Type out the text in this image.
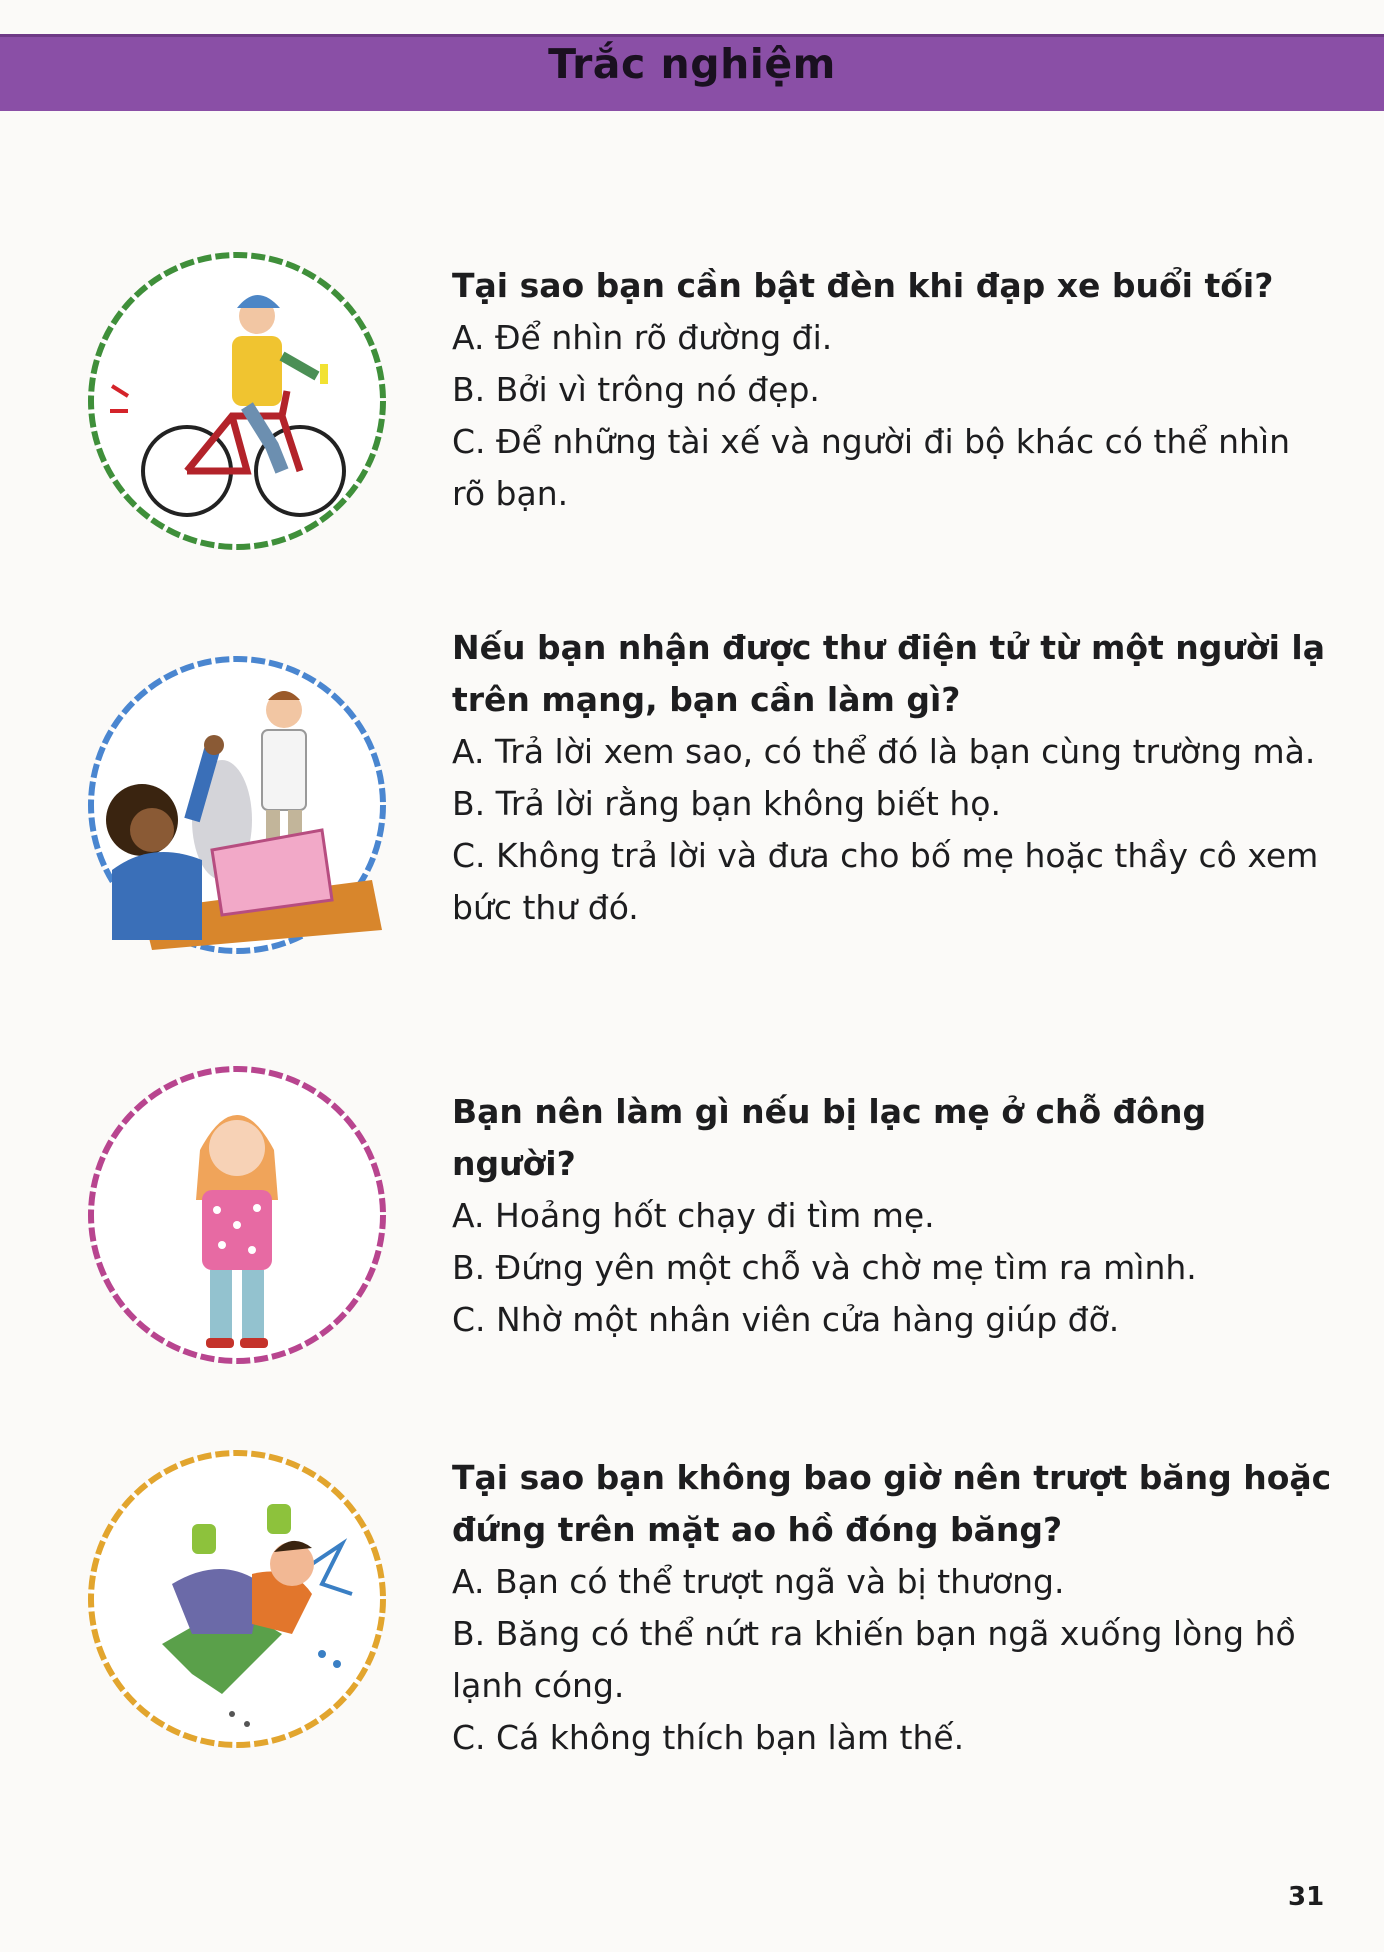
Trắc nghiệm

Tại sao bạn cần bật đèn khi đạp xe buổi tối?

A. Để nhìn rõ đường đi.

B. Bởi vì trông nó đẹp.

C. Để những tài xế và người đi bộ khác có thể nhìn rõ bạn.

Nếu bạn nhận được thư điện tử từ một người lạ trên mạng, bạn cần làm gì?

A. Trả lời xem sao, có thể đó là bạn cùng trường mà.

B. Trả lời rằng bạn không biết họ.

C. Không trả lời và đưa cho bố mẹ hoặc thầy cô xem bức thư đó.

Bạn nên làm gì nếu bị lạc mẹ ở chỗ đông người?

A. Hoảng hốt chạy đi tìm mẹ.

B. Đứng yên một chỗ và chờ mẹ tìm ra mình.

C. Nhờ một nhân viên cửa hàng giúp đỡ.

Tại sao bạn không bao giờ nên trượt băng hoặc đứng trên mặt ao hồ đóng băng?

A. Bạn có thể trượt ngã và bị thương.

B. Băng có thể nứt ra khiến bạn ngã xuống lòng hồ lạnh cóng.

C. Cá không thích bạn làm thế.

31
